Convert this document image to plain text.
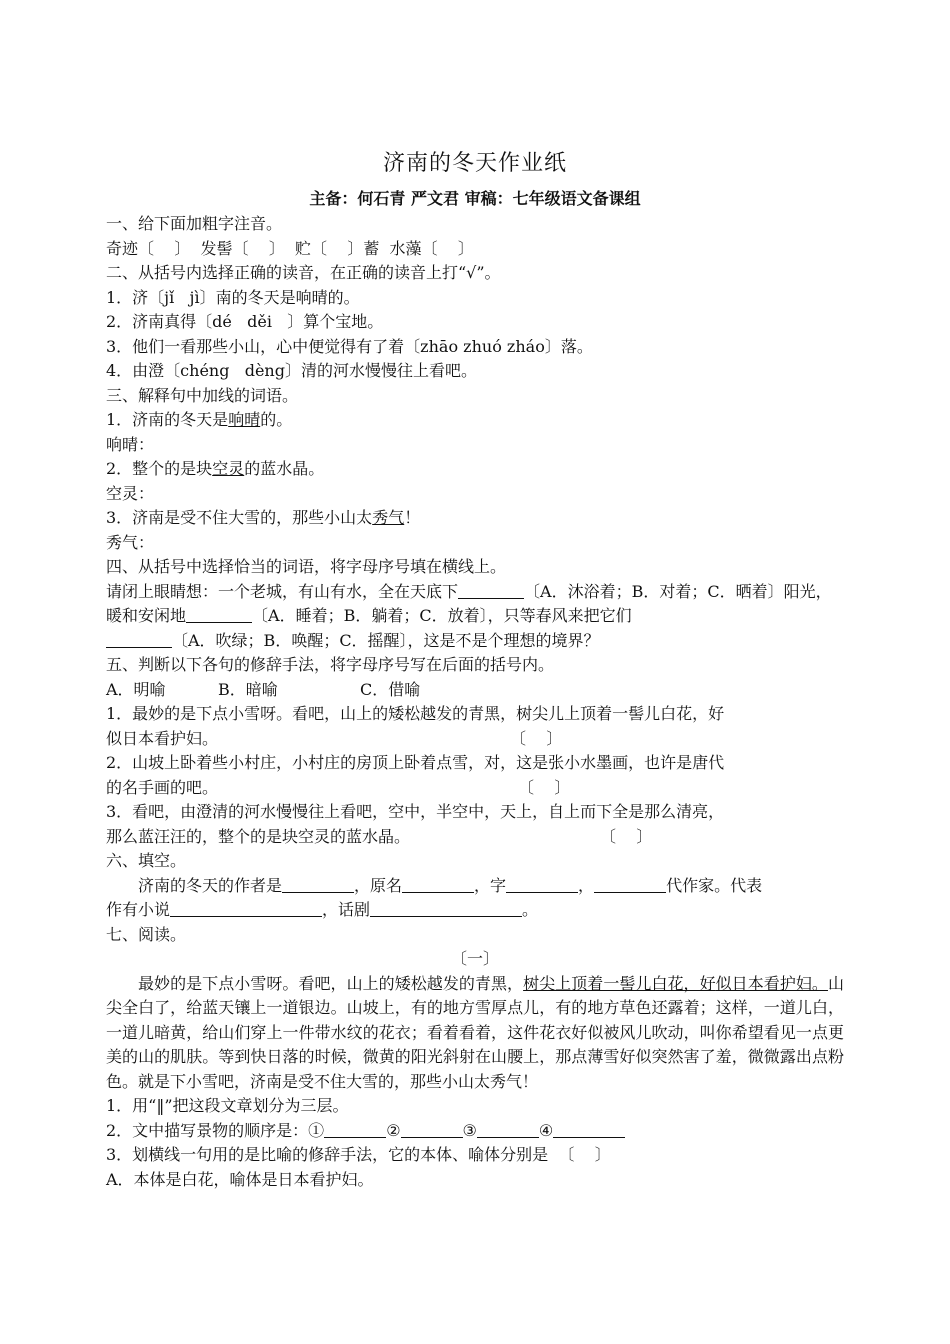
济南的冬天作业纸
主备：何石青 严文君 审稿：七年级语文备课组

一、给下面加粗字注音。

奇迹〔    〕  发髻〔    〕  贮〔    〕蓄  水藻〔    〕

二、从括号内选择正确的读音，在正确的读音上打“√”。

1．济〔jǐ   jì〕南的冬天是响晴的。

2．济南真得〔dé   děi   〕算个宝地。

3．他们一看那些小山，心中便觉得有了着〔zhāo zhuó zháo〕落。

4．由澄〔chéng   dèng〕清的河水慢慢往上看吧。

三、解释句中加线的词语。

1．济南的冬天是响晴的。

响晴：

2．整个的是块空灵的蓝水晶。

空灵：

3．济南是受不住大雪的，那些小山太秀气！

秀气：

四、从括号中选择恰当的词语，将字母序号填在横线上。

请闭上眼睛想：一个老城，有山有水，全在天底下	〔A．沐浴着；B．对着；C．晒着〕阳光，暖和安闲地	〔A．睡着；B．躺着；C．放着〕，只等春风来把它们
〔A．吹绿；B．唤醒；C．摇醒〕，这是不是个理想的境界？

五、判断以下各句的修辞手法，将字母序号写在后面的括号内。

A．明喻	B．暗喻	C．借喻

1．最妙的是下点小雪呀。看吧，山上的矮松越发的青黑，树尖儿上顶着一髻儿白花，好

似日本看护妇。	〔    〕

2．山坡上卧着些小村庄，小村庄的房顶上卧着点雪，对，这是张小水墨画，也许是唐代

的名手画的吧。	〔    〕

3．看吧，由澄清的河水慢慢往上看吧，空中，半空中，天上，自上而下全是那么清亮，

那么蓝汪汪的，整个的是块空灵的蓝水晶。	〔    〕

六、填空。

济南的冬天的作者是	，原名	，字	，	代作家。代表

作有小说	，话剧	。

七、阅读。

〔一〕

最妙的是下点小雪呀。看吧，山上的矮松越发的青黑，树尖上顶着一髻儿白花，好似日本看护妇。山尖全白了，给蓝天镶上一道银边。山坡上，有的地方雪厚点儿，有的地方草色还露着；这样，一道儿白，一道儿暗黄，给山们穿上一件带水纹的花衣；看着看着，这件花衣好似被风儿吹动，叫你希望看见一点更美的山的肌肤。等到快日落的时候，微黄的阳光斜射在山腰上，那点薄雪好似突然害了羞，微微露出点粉色。就是下小雪吧，济南是受不住大雪的，那些小山太秀气！

1．用“‖”把这段文章划分为三层。

2．文中描写景物的顺序是：①	②	③	④

3．划横线一句用的是比喻的修辞手法，它的本体、喻体分别是  〔    〕

A．本体是白花，喻体是日本看护妇。
